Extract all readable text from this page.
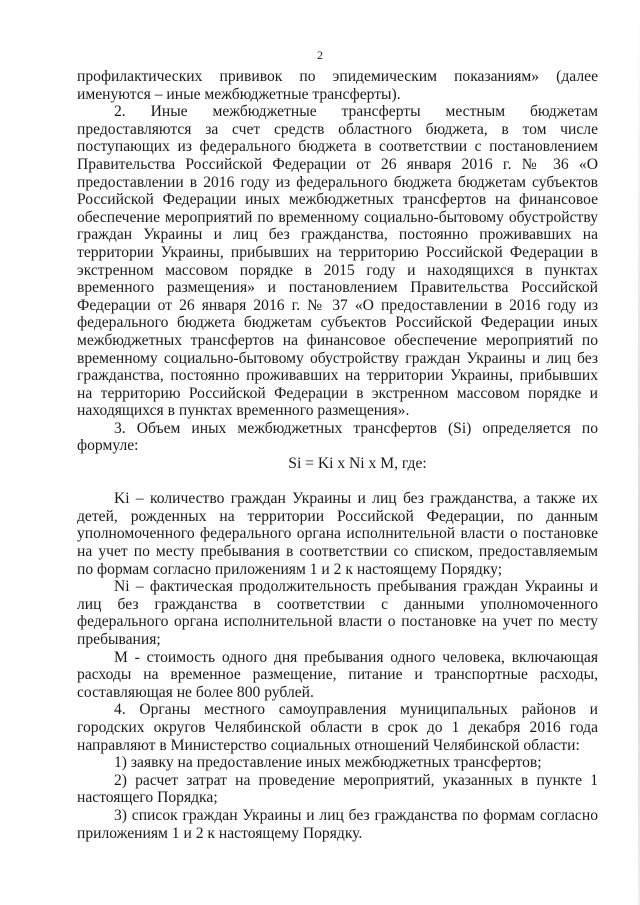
2

профилактических прививок по эпидемическим показаниям» (далее именуются – иные межбюджетные трансферты).

2. Иные межбюджетные трансферты местным бюджетам предоставляются за счет средств областного бюджета, в том числе поступающих из федерального бюджета в соответствии с постановлением Правительства Российской Федерации от 26 января 2016 г. № 36 «О предоставлении в 2016 году из федерального бюджета бюджетам субъектов Российской Федерации иных межбюджетных трансфертов на финансовое обеспечение мероприятий по временному социально-бытовому обустройству граждан Украины и лиц без гражданства, постоянно проживавших на территории Украины, прибывших на территорию Российской Федерации в экстренном массовом порядке в 2015 году и находящихся в пунктах временного размещения» и постановлением Правительства Российской Федерации от 26 января 2016 г. № 37 «О предоставлении в 2016 году из федерального бюджета бюджетам субъектов Российской Федерации иных межбюджетных трансфертов на финансовое обеспечение мероприятий по временному социально-бытовому обустройству граждан Украины и лиц без гражданства, постоянно проживавших на территории Украины, прибывших на территорию Российской Федерации в экстренном массовом порядке и находящихся в пунктах временного размещения».

3. Объем иных межбюджетных трансфертов (Si) определяется по формуле:

Si = Ki x Ni x M, где:

Ki – количество граждан Украины и лиц без гражданства, а также их детей, рожденных на территории Российской Федерации, по данным уполномоченного федерального органа исполнительной власти о постановке на учет по месту пребывания в соответствии со списком, предоставляемым по формам согласно приложениям 1 и 2 к настоящему Порядку;

Ni – фактическая продолжительность пребывания граждан Украины и лиц без гражданства в соответствии с данными уполномоченного федерального органа исполнительной власти о постановке на учет по месту пребывания;

M - стоимость одного дня пребывания одного человека, включающая расходы на временное размещение, питание и транспортные расходы, составляющая не более 800 рублей.

4. Органы местного самоуправления муниципальных районов и городских округов Челябинской области в срок до 1 декабря 2016 года направляют в Министерство социальных отношений Челябинской области:

1) заявку на предоставление иных межбюджетных трансфертов;

2) расчет затрат на проведение мероприятий, указанных в пункте 1 настоящего Порядка;

3) список граждан Украины и лиц без гражданства по формам согласно приложениям 1 и 2 к настоящему Порядку.
